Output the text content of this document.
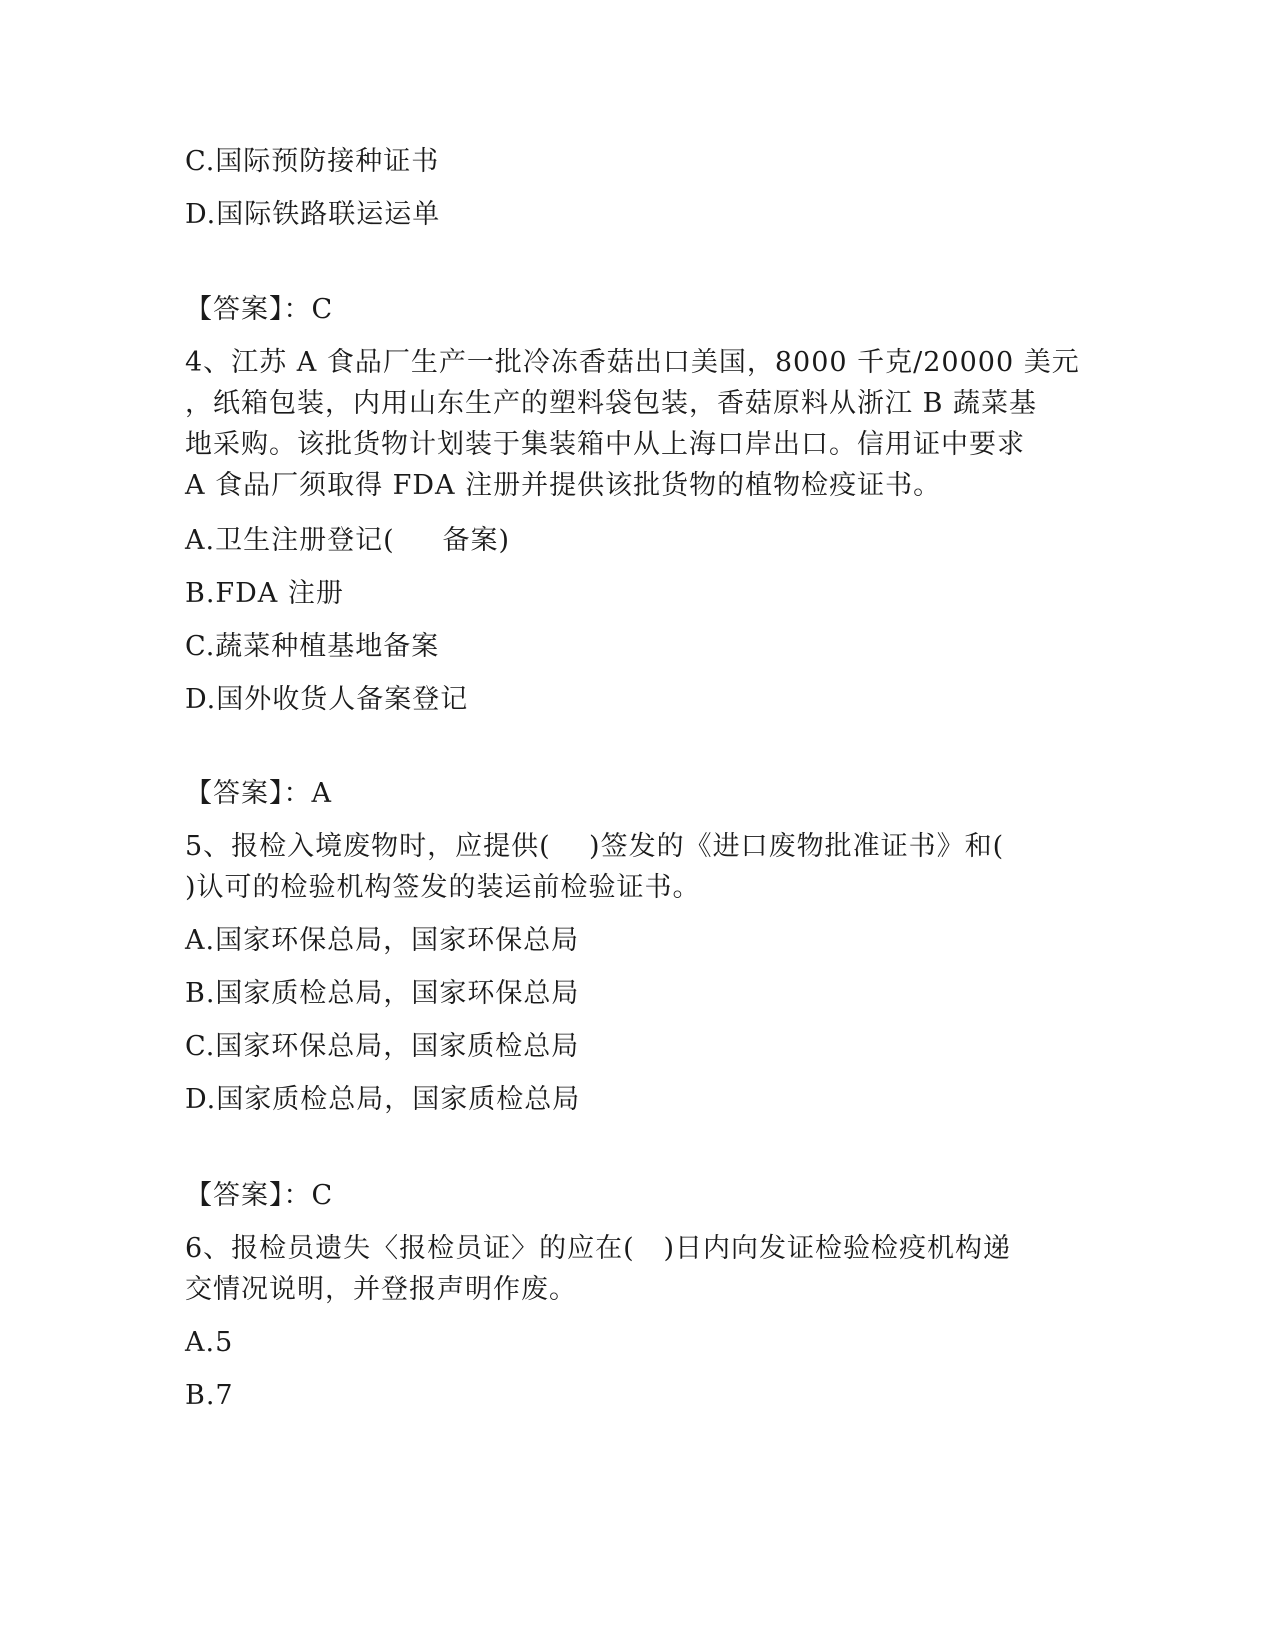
C.国际预防接种证书
D.国际铁路联运运单
【答案】：C
4、江苏 A 食品厂生产一批冷冻香菇出口美国，8000 千克/20000 美元
，纸箱包装，内用山东生产的塑料袋包装，香菇原料从浙江 B 蔬菜基
地采购。该批货物计划装于集装箱中从上海口岸出口。信用证中要求
A 食品厂须取得 FDA 注册并提供该批货物的植物检疫证书。
A.卫生注册登记(     备案)
B.FDA 注册
C.蔬菜种植基地备案
D.国外收货人备案登记
【答案】：A
5、报检入境废物时，应提供(    )签发的《进口废物批准证书》和(
)认可的检验机构签发的装运前检验证书。
A.国家环保总局，国家环保总局
B.国家质检总局，国家环保总局
C.国家环保总局，国家质检总局
D.国家质检总局，国家质检总局
【答案】：C
6、报检员遗失〈报检员证〉的应在(   )日内向发证检验检疫机构递
交情况说明，并登报声明作废。
A.5
B.7
